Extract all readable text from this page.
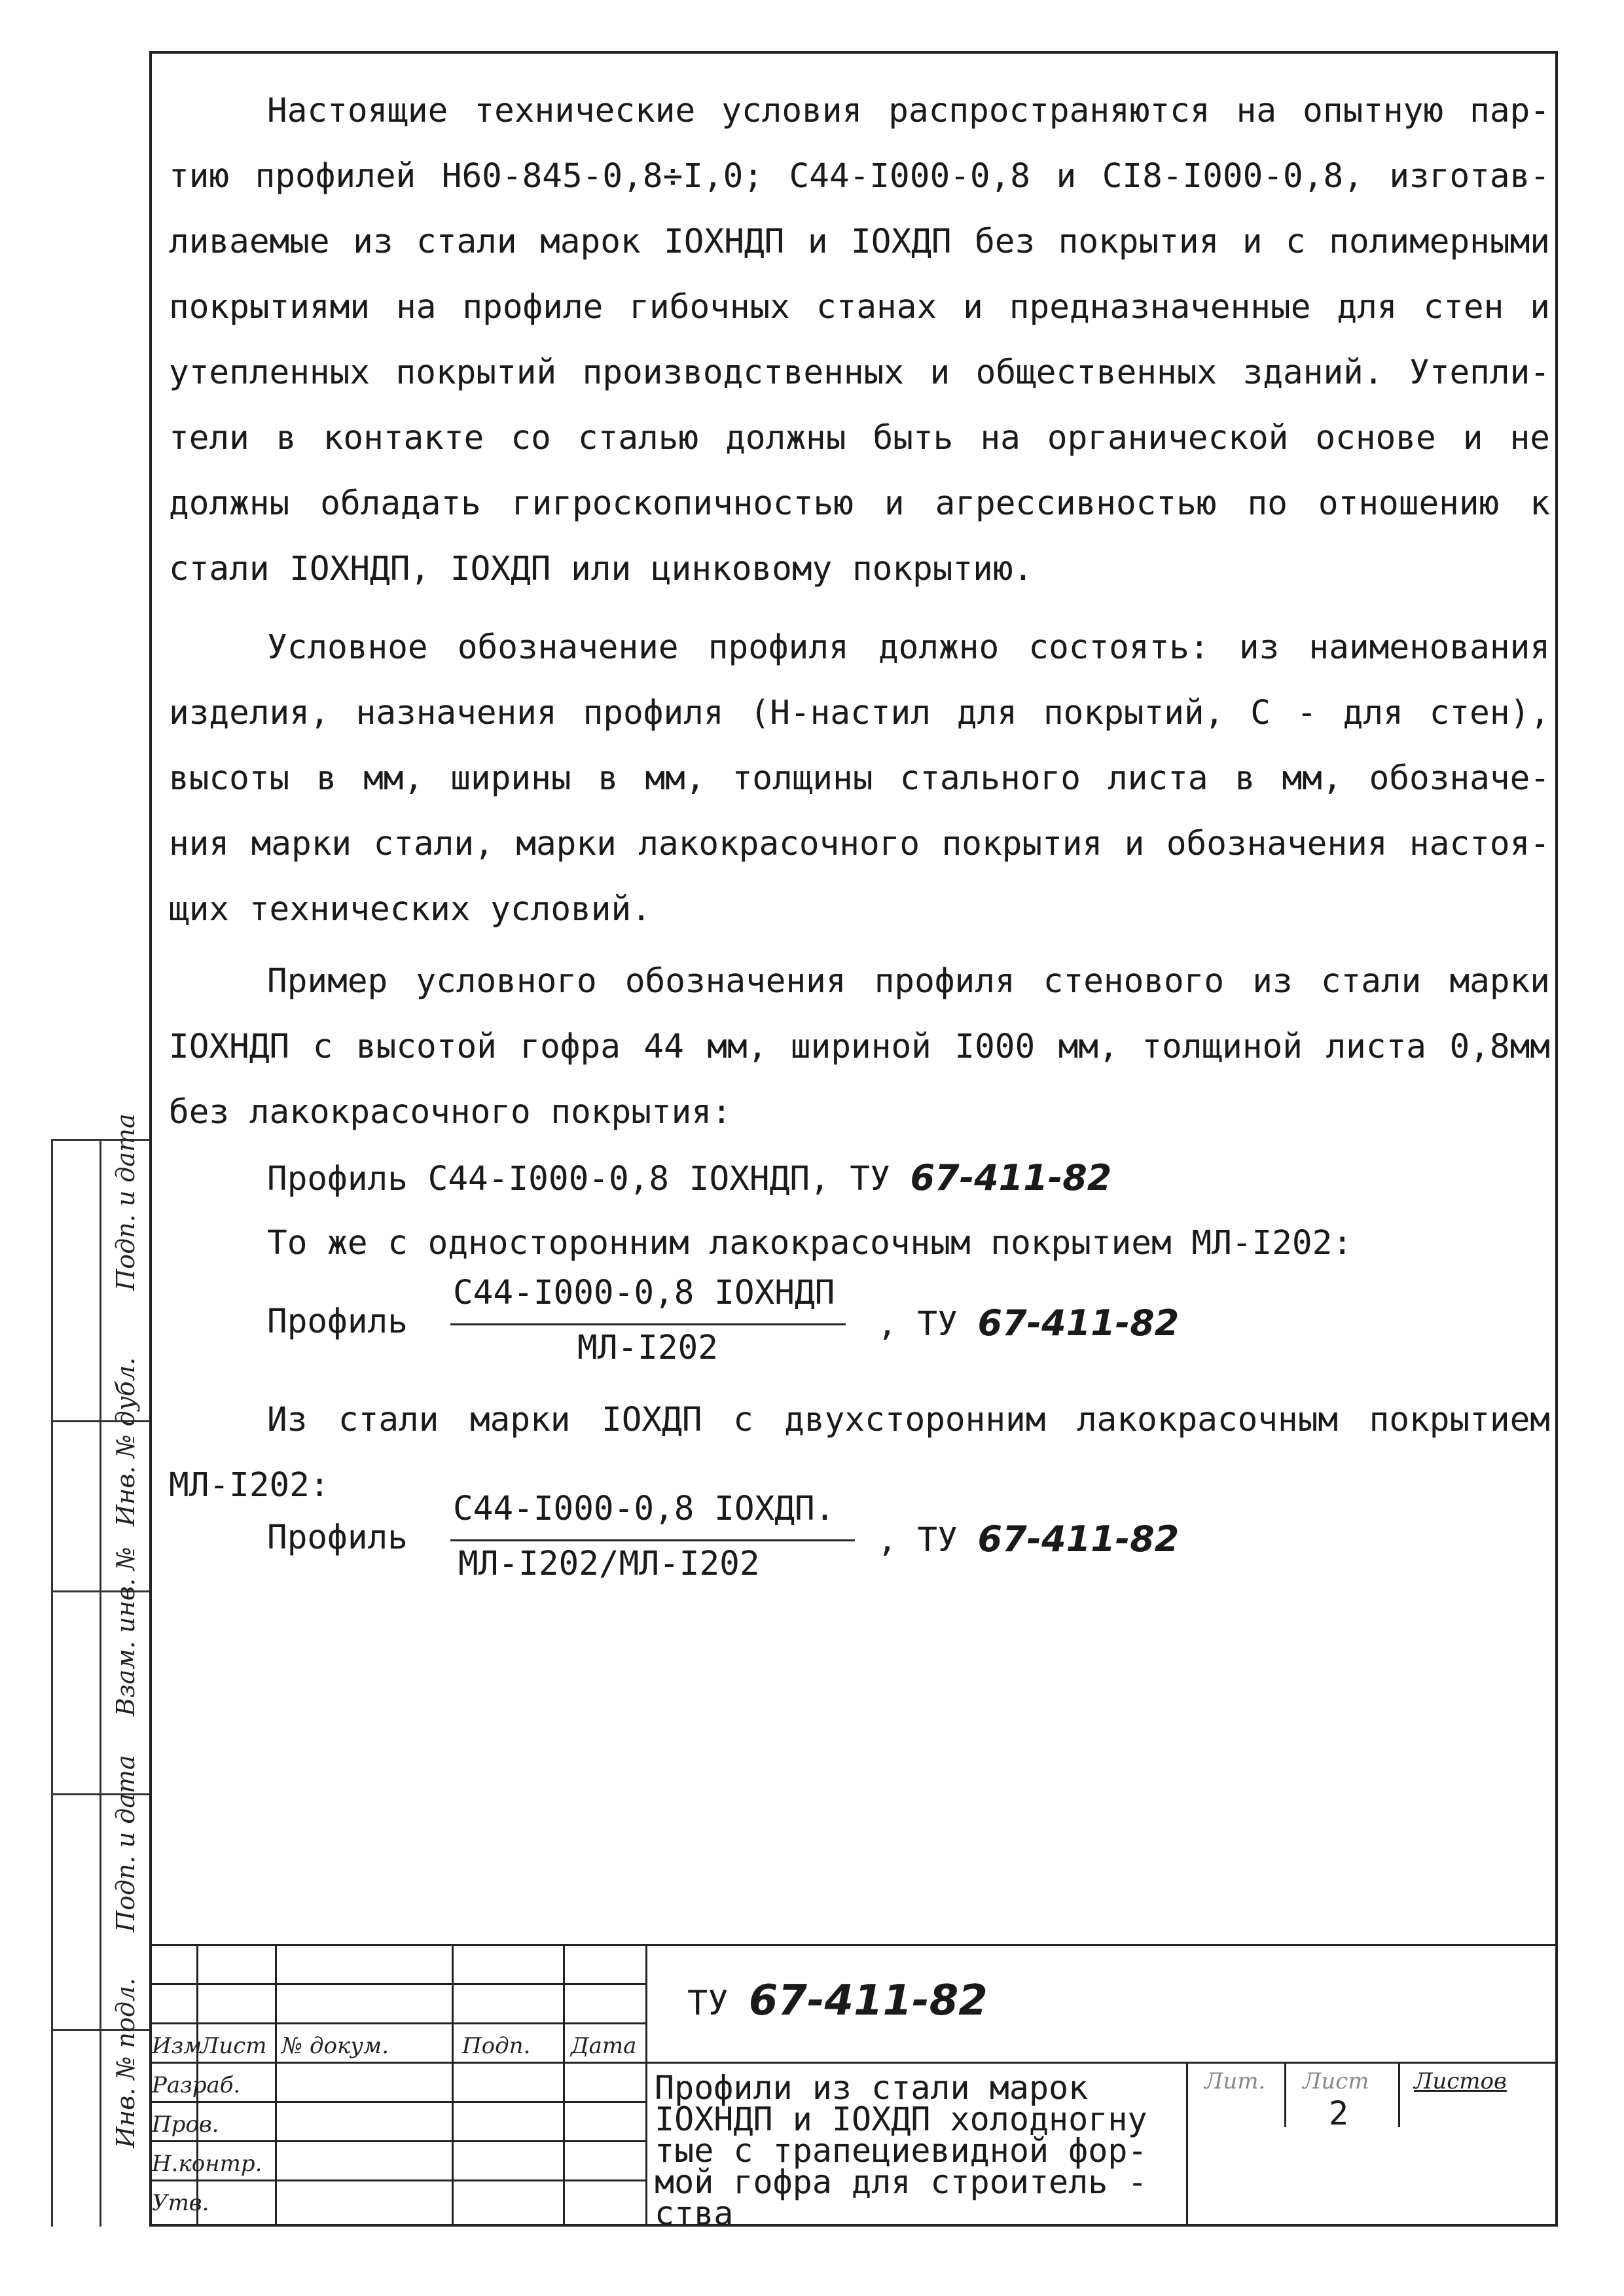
Настоящие технические условия распространяются на опытную пар-
тию профилей Н60-845-0,8÷I,0; С44-I000-0,8 и СI8-I000-0,8, изготав-
ливаемые из стали марок IОХНДП и IОХДП без покрытия и с полимерными
покрытиями на профиле гибочных станах и предназначенные для стен и
утепленных покрытий производственных и общественных зданий. Утепли-
тели в контакте со сталью должны быть на органической основе и не
должны обладать гигроскопичностью и агрессивностью по отношению к
стали IОХНДП, IОХДП или цинковому покрытию.
Условное обозначение профиля должно состоять: из наименования
изделия, назначения профиля (Н-настил для покрытий, С - для стен),
высоты в мм, ширины в мм, толщины стального листа в мм, обозначе-
ния марки стали, марки лакокрасочного покрытия и обозначения настоя-
щих технических условий.
Пример условного обозначения профиля стенового из стали марки
IОХНДП с высотой гофра 44 мм, шириной I000 мм, толщиной листа 0,8мм
без лакокрасочного покрытия:
Профиль С44-I000-0,8 IОХНДП, ТУ 67-411-82
То же с односторонним лакокрасочным покрытием МЛ-I202:
Профиль
С44-I000-0,8 IОХНДП
МЛ-I202
, ТУ 67-411-82
Из стали марки IОХДП с двухсторонним лакокрасочным покрытием
МЛ-I202:
Профиль
С44-I000-0,8 IОХДП.
МЛ-I202/МЛ-I202
, ТУ 67-411-82
Подп. и дата
Инв. № дубл.
Взам. инв. №
Подп. и дата
Инв. № подл.	ТУ 67-411-82
Изм
Лист № докум.	Подп. Дата
Разраб.
Пров.
Н.контр.
Утв.
Профили из стали марок
IОХНДП и IОХДП холодногну
тые с трапециевидной фор-
мой гофра для строитель -
ства
Лит. Лист Листов
2
